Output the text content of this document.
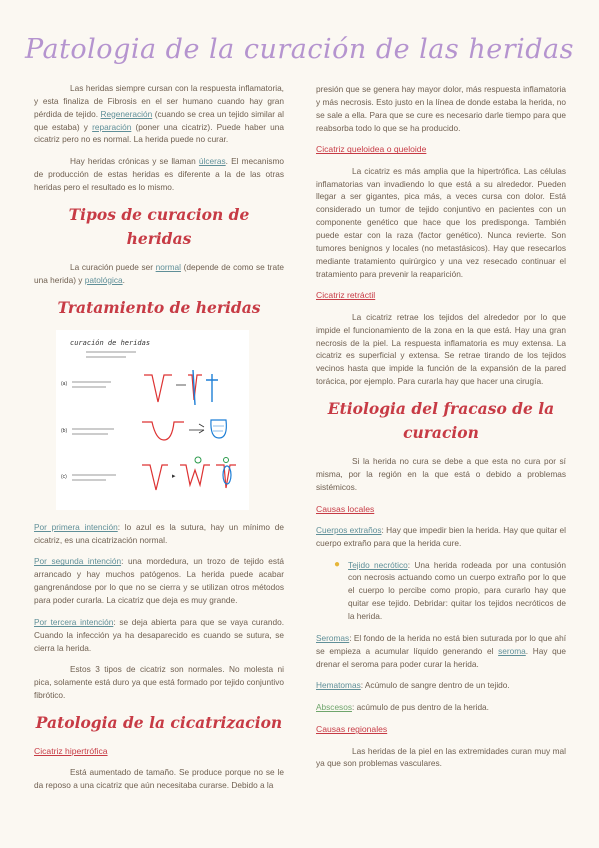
Patologia de la curación de las heridas

Las heridas siempre cursan con la respuesta inflamatoria, y esta finaliza de Fibrosis en el ser humano cuando hay gran pérdida de tejido. Regeneración (cuando se crea un tejido similar al que estaba) y reparación (poner una cicatriz). Puede haber una cicatriz pero no es normal. La herida puede no curar.

Hay heridas crónicas y se llaman úlceras. El mecanismo de producción de estas heridas es diferente a la de las otras heridas pero el resultado es lo mismo.

Tipos de curacion de heridas

La curación puede ser normal (depende de como se trate una herida) y patológica.

Tratamiento de heridas
curación de heridas
(a)
(b)
(c)	▸

Por primera intención: lo azul es la sutura, hay un mínimo de cicatriz, es una cicatrización normal.

Por segunda intención: una mordedura, un trozo de tejido está arrancado y hay muchos patógenos. La herida puede acabar gangrenándose por lo que no se cierra y se utilizan otros métodos para poder curarla. La cicatriz que deja es muy grande.

Por tercera intención: se deja abierta para que se vaya curando. Cuando la infección ya ha desaparecido es cuando se sutura, se cierra la herida.

Estos 3 tipos de cicatriz son normales. No molesta ni pica, solamente está duro ya que está formado por tejido conjuntivo fibrótico.

Patologia de la cicatrizacion
Cicatriz hipertrófica

Está aumentado de tamaño. Se produce porque no se le da reposo a una cicatriz que aún necesitaba curarse. Debido a la

presión que se genera hay mayor dolor, más respuesta inflamatoria y más necrosis. Esto justo en la línea de donde estaba la herida, no se sale a ella. Para que se cure es necesario darle tiempo para que reabsorba todo lo que se ha producido.

Cicatriz queloidea o queloide

La cicatriz es más amplia que la hipertrófica. Las células inflamatorias van invadiendo lo que está a su alrededor. Pueden llegar a ser gigantes, pica más, a veces cursa con dolor. Está considerado un tumor de tejido conjuntivo en pacientes con un componente genético que hace que los predisponga. También puede estar con la raza (factor genético). Nunca revierte. Son tumores benignos y locales (no metastásicos). Hay que resecarlos mediante tratamiento quirúrgico y una vez resecado continuar el tratamiento para prevenir la reaparición.

Cicatriz retráctil

La cicatriz retrae los tejidos del alrededor por lo que impide el funcionamiento de la zona en la que está. Hay una gran necrosis de la piel. La respuesta inflamatoria es muy extensa. La cicatriz es superficial y extensa. Se retrae tirando de los tejidos vecinos hasta que impide la función de la expansión de la pared torácica, por ejemplo. Para curarla hay que hacer una cirugía.

Etiologia del fracaso de la curacion

Si la herida no cura se debe a que esta no cura por sí misma, por la región en la que está o debido a problemas sistémicos.

Causas locales

Cuerpos extraños: Hay que impedir bien la herida. Hay que quitar el cuerpo extraño para que la herida cure.

● Tejido necrótico: Una herida rodeada por una contusión con necrosis actuando como un cuerpo extraño por lo que el cuerpo lo percibe como propio, para curarlo hay que quitar ese tejido. Debridar: quitar los tejidos necróticos de la herida.

Seromas: El fondo de la herida no está bien suturada por lo que ahí se empieza a acumular líquido generando el seroma. Hay que drenar el seroma para poder curar la herida.

Hematomas: Acúmulo de sangre dentro de un tejido.

Abscesos: acúmulo de pus dentro de la herida.

Causas regionales

Las heridas de la piel en las extremidades curan muy mal ya que son problemas vasculares.
